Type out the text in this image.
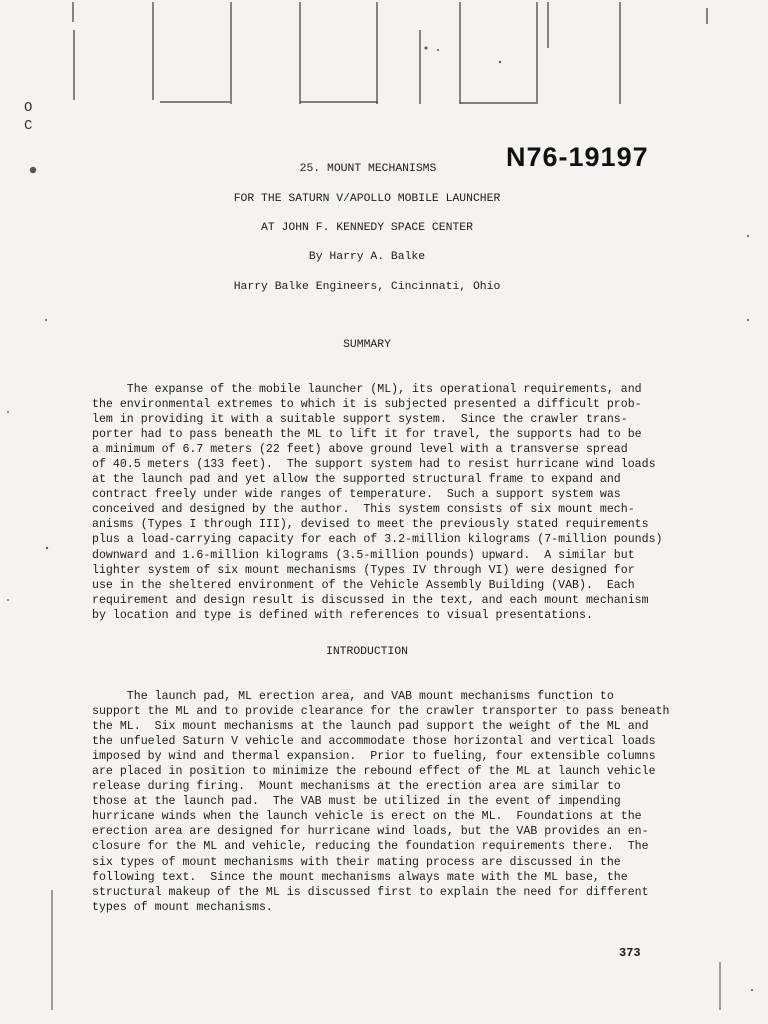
N76-19197
O
C
25. MOUNT MECHANISMS
FOR THE SATURN V/APOLLO MOBILE LAUNCHER
AT JOHN F. KENNEDY SPACE CENTER
By Harry A. Balke
Harry Balke Engineers, Cincinnati, Ohio
SUMMARY

The expanse of the mobile launcher (ML), its operational requirements, and

the environmental extremes to which it is subjected presented a difficult prob-

lem in providing it with a suitable support system.  Since the crawler trans-

porter had to pass beneath the ML to lift it for travel, the supports had to be

a minimum of 6.7 meters (22 feet) above ground level with a transverse spread

of 40.5 meters (133 feet).  The support system had to resist hurricane wind loads

at the launch pad and yet allow the supported structural frame to expand and

contract freely under wide ranges of temperature.  Such a support system was

conceived and designed by the author.  This system consists of six mount mech-

anisms (Types I through III), devised to meet the previously stated requirements

plus a load-carrying capacity for each of 3.2-million kilograms (7-million pounds)

downward and 1.6-million kilograms (3.5-million pounds) upward.  A similar but

lighter system of six mount mechanisms (Types IV through VI) were designed for

use in the sheltered environment of the Vehicle Assembly Building (VAB).  Each

requirement and design result is discussed in the text, and each mount mechanism

by location and type is defined with references to visual presentations.

INTRODUCTION

The launch pad, ML erection area, and VAB mount mechanisms function to

support the ML and to provide clearance for the crawler transporter to pass beneath

the ML.  Six mount mechanisms at the launch pad support the weight of the ML and

the unfueled Saturn V vehicle and accommodate those horizontal and vertical loads

imposed by wind and thermal expansion.  Prior to fueling, four extensible columns

are placed in position to minimize the rebound effect of the ML at launch vehicle

release during firing.  Mount mechanisms at the erection area are similar to

those at the launch pad.  The VAB must be utilized in the event of impending

hurricane winds when the launch vehicle is erect on the ML.  Foundations at the

erection area are designed for hurricane wind loads, but the VAB provides an en-

closure for the ML and vehicle, reducing the foundation requirements there.  The

six types of mount mechanisms with their mating process are discussed in the

following text.  Since the mount mechanisms always mate with the ML base, the

structural makeup of the ML is discussed first to explain the need for different

types of mount mechanisms.

373
